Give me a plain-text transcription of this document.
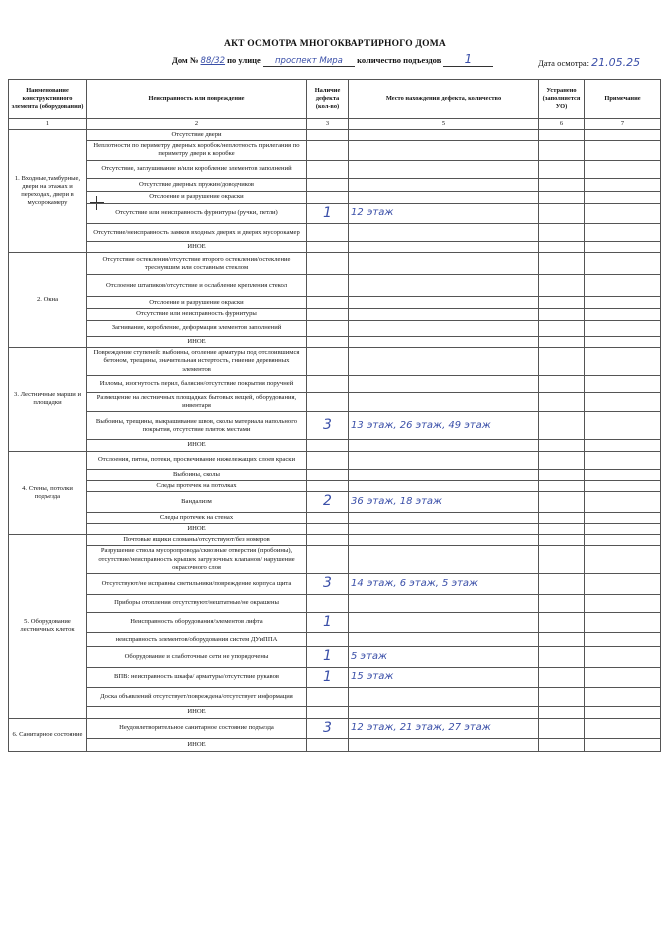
АКТ ОСМОТРА МНОГОКВАРТИРНОГО ДОМА
Дом № 88/32 по улице проспект Мира количество подъездов 1	Дата осмотра: 21.05.25
Наименование конструктивного элемента (оборудования)	Неисправность или повреждение	Наличие дефекта (кол-во)	Место нахождения дефекта, количество	Устранено (заполняется УО)	Примечание
1	2	3	5	6	7
1. Входные,тамбурные, двери на этажах и переходах, двери в мусорокамеру	Отсутствие двери				
	Неплотности по периметру дверных коробок/неплотность прилегания по периметру двери к коробке				
	Отсутствие, заглушивание и/или коробление элементов заполнений				
	Отсутствие дверных пружин/доводчиков				
	Отслоение и разрушение окраски				
	Отсутствие или неисправность фурнитуры (ручки, петли)	1	12 этаж		
	Отсутствие/неисправность замков входных дверях и дверях мусорокамер				
	ИНОЕ				
2. Окна	Отсутствие остекления/отсутствие второго остекления/остекление треснувшим или составным стеклом				
	Отслоение штапиков/отсутствие и ослабление крепления стекол				
	Отслоение и разрушение окраски				
	Отсутствие или неисправность фурнитуры				
	Загнивание, коробление, деформация элементов заполнений				
	ИНОЕ				
3. Лестничные марши и площадки	Повреждение ступеней: выбоины, оголение арматуры под отслоившимся бетоном, трещины, значительная истертость, гниение деревянных элементов				
	Изломы, изогнутость перил, балясин/отсутствие покрытия поручней				
	Размещение на лестничных площадках бытовых вещей, оборудования, инвентаря				
	Выбоины, трещины, выкрашивание швов, сколы материала напольного покрытия, отсутствие плиток местами	3	13 этаж, 26 этаж, 49 этаж		
	ИНОЕ				
4. Стены, потолки подъезда	Отслоения, пятна, потеки, просвечивание нижележащих слоев краски				
	Выбоины, сколы				
	Следы протечек на потолках				
	Вандализм	2	36 этаж, 18 этаж		
	Следы протечек на стенах				
	ИНОЕ				
5. Оборудование лестничных клеток	Почтовые ящики сломаны/отсутствуют/без номеров				
	Разрушение ствола мусоропровода/сквозные отверстия (пробоины), отсутствие/неисправность крышек загрузочных клапанов/ нарушение окрасочного слоя				
	Отсутствуют/не исправны светильники/повреждение корпуса щита	3	14 этаж, 6 этаж, 5 этаж		
	Приборы отопления отсутствуют/нештатные/не окрашены				
	Неисправность оборудования/элементов лифта	1			
	неисправность элементов/оборудования систем ДУиППА				
	Оборудование и слаботочные сети не упорядочены	1	5 этаж		
	ВПВ: неисправность шкафа/ арматуры/отсутствие рукавов	1	15 этаж		
	Доска объявлений отсутствует/повреждена/отсутствует информация				
	ИНОЕ				
6. Санитарное состояние	Неудовлетворительное санитарное состояние подъезда	3	12 этаж, 21 этаж, 27 этаж		
	ИНОЕ				
